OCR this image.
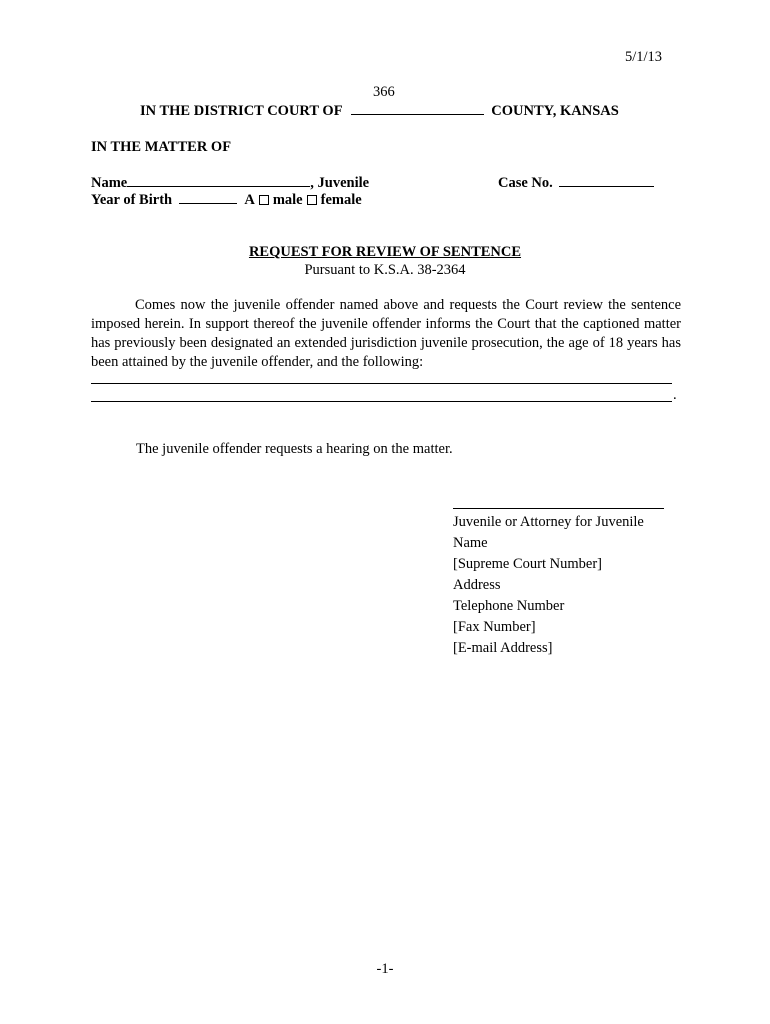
5/1/13
366
IN THE DISTRICT COURT OF	COUNTY, KANSAS
IN THE MATTER OF
Name	, Juvenile	Case No.
Year of Birth	A male female
REQUEST FOR REVIEW OF SENTENCE
Pursuant to K.S.A. 38-2364
Comes now the juvenile offender named above and requests the Court review the sentence imposed herein. In support thereof the juvenile offender informs the Court that the captioned matter has previously been designated an extended jurisdiction juvenile prosecution, the age of 18 years has been attained by the juvenile offender, and the following:
.
The juvenile offender requests a hearing on the matter.
Juvenile or Attorney for Juvenile
Name
[Supreme Court Number]
Address
Telephone Number
[Fax Number]
[E-mail Address]
-1-
